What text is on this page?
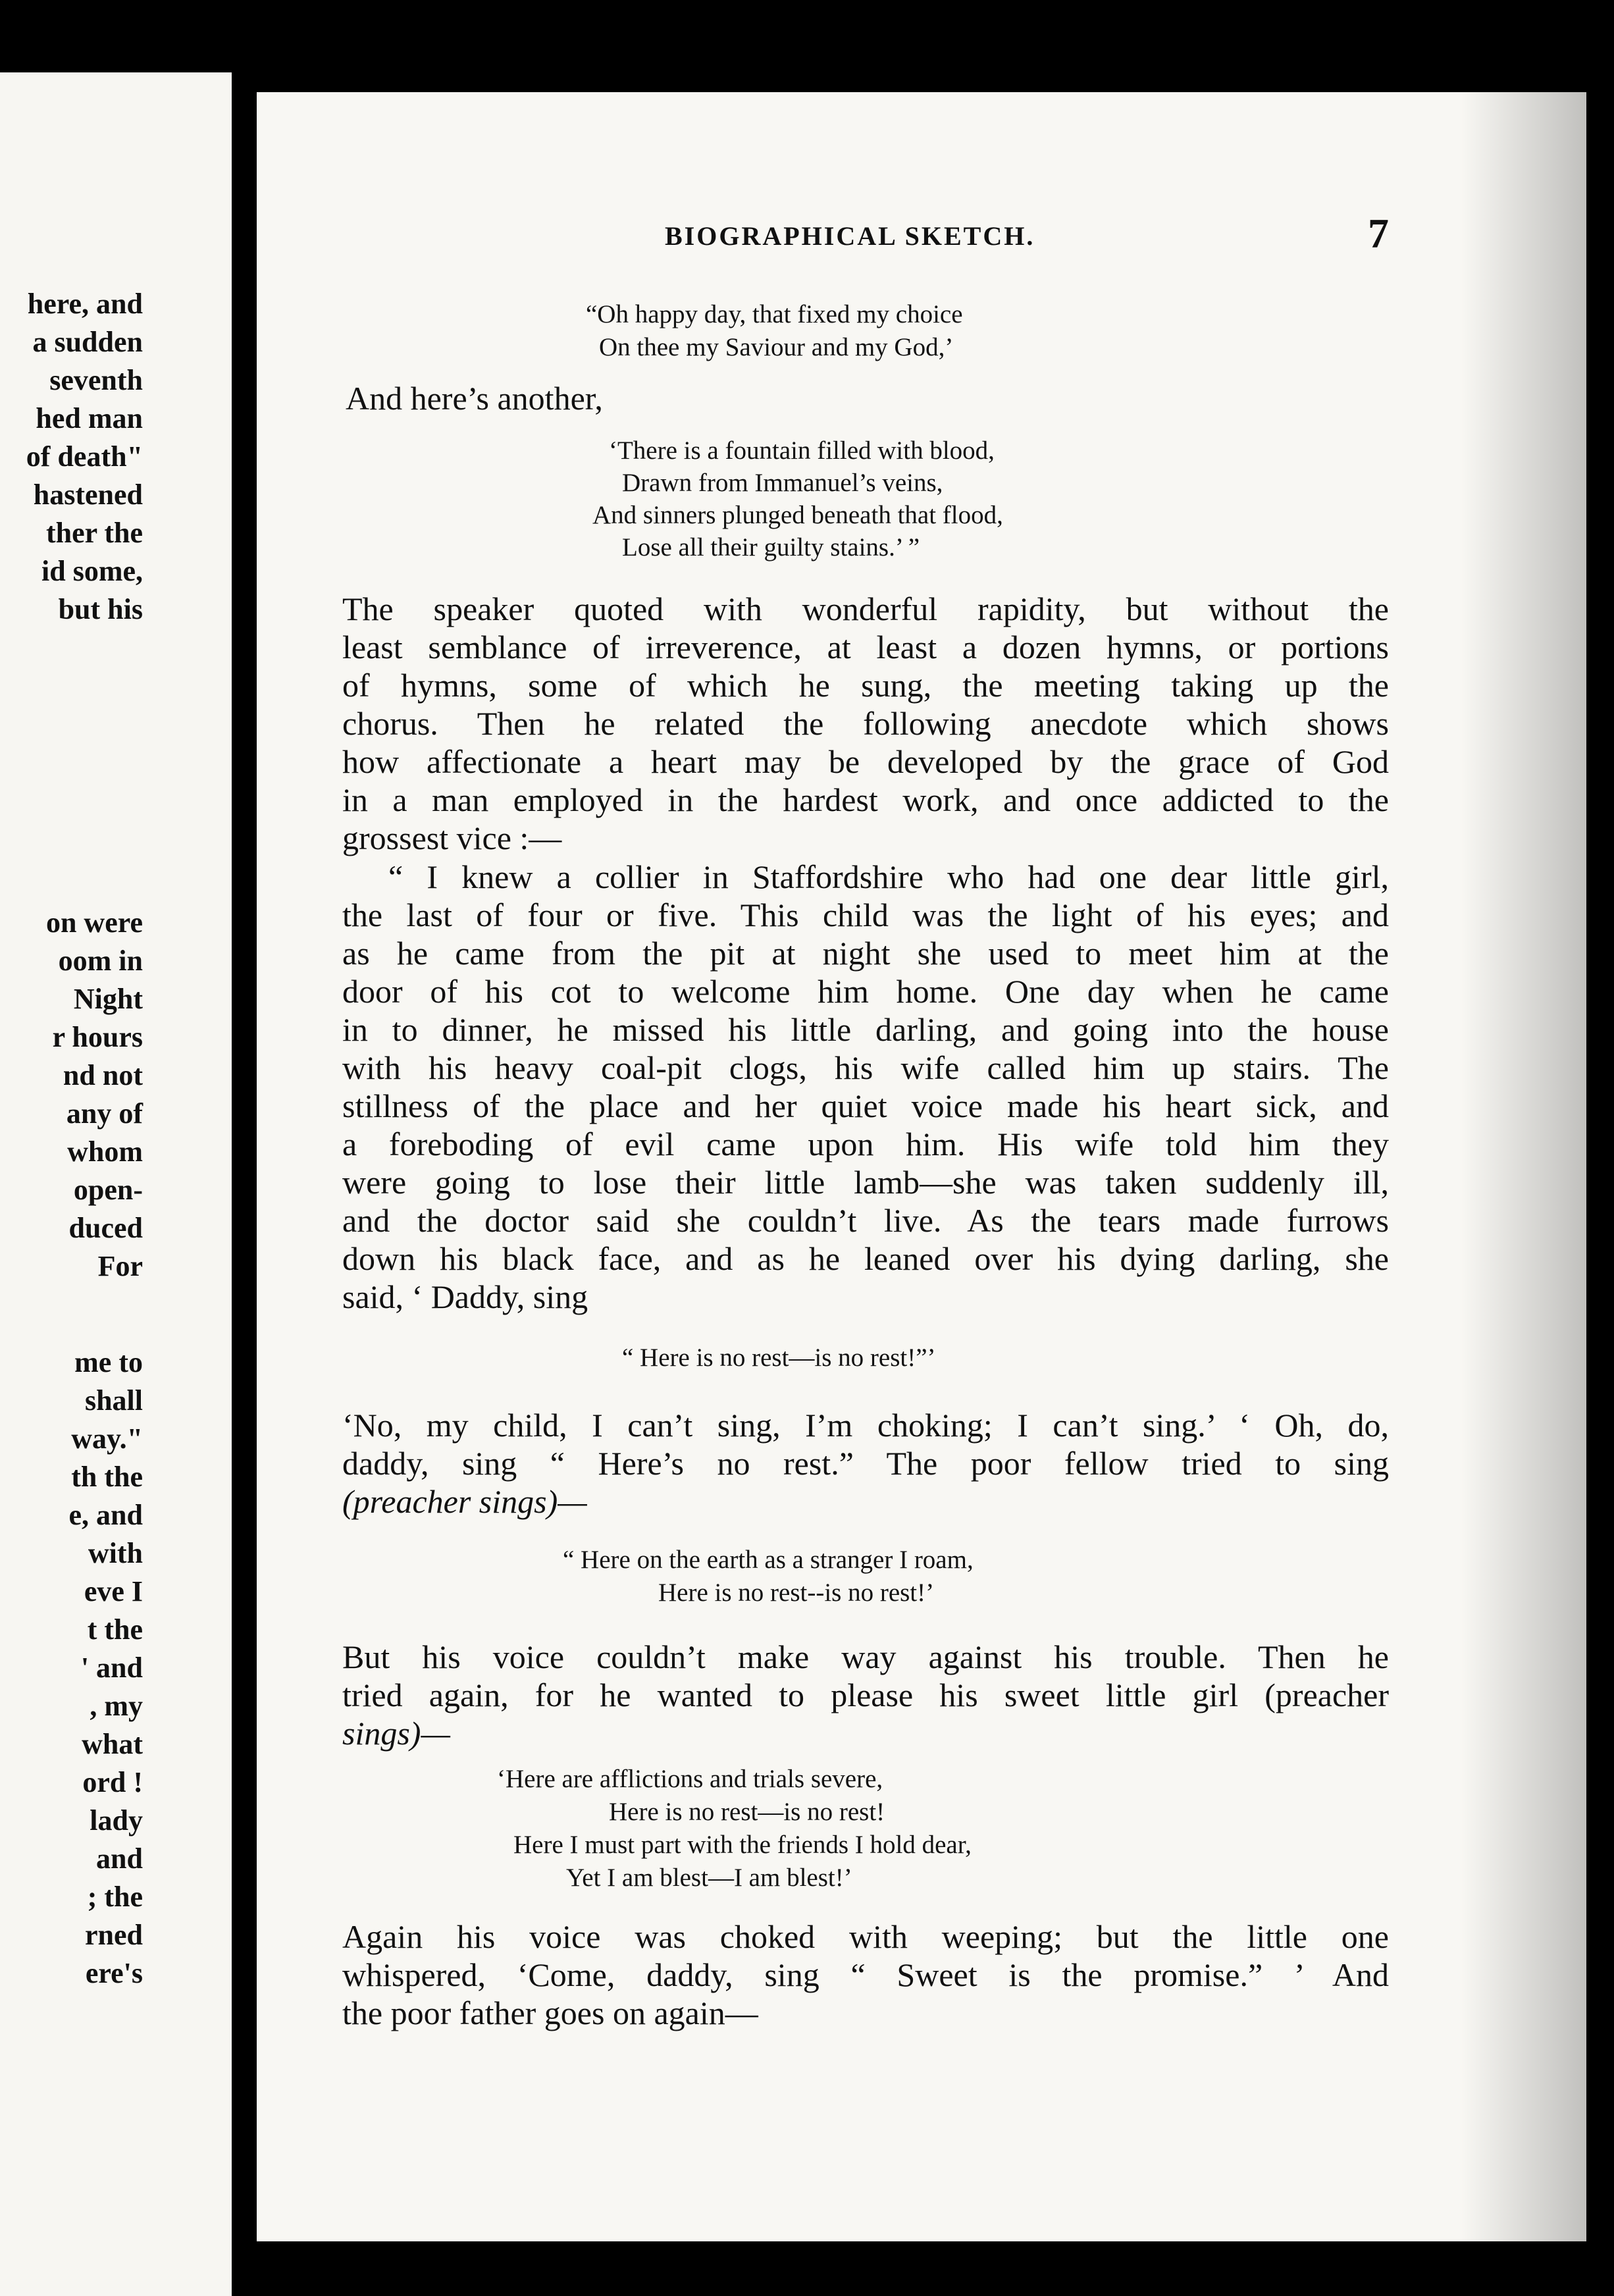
here, and
a sudden
seventh
hed man
of death"
hastened
ther the
id some,
but his
on were
oom in
Night
r hours
nd not
any of
whom
open-
duced
For
me to
shall
way."
th the
e, and
with
eve I
t the
' and
, my
what
ord !
lady
and
; the
rned
ere's
BIOGRAPHICAL SKETCH.	7
“Oh happy day, that fixed my choice
On thee my Saviour and my God,’
And here’s another,
‘There is a fountain filled with blood,
Drawn from Immanuel’s veins,
And sinners plunged beneath that flood,
Lose all their guilty stains.’ ”
The speaker quoted with wonderful rapidity, but without the
least semblance of irreverence, at least a dozen hymns, or portions
of hymns, some of which he sung, the meeting taking up the
chorus. Then he related the following anecdote which shows
how affectionate a heart may be developed by the grace of God
in a man employed in the hardest work, and once addicted to the
grossest vice :—
“ I knew a collier in Staffordshire who had one dear little girl,
the last of four or five. This child was the light of his eyes; and
as he came from the pit at night she used to meet him at the
door of his cot to welcome him home. One day when he came
in to dinner, he missed his little darling, and going into the house
with his heavy coal-pit clogs, his wife called him up stairs. The
stillness of the place and her quiet voice made his heart sick, and
a foreboding of evil came upon him. His wife told him they
were going to lose their little lamb—she was taken suddenly ill,
and the doctor said she couldn’t live. As the tears made furrows
down his black face, and as he leaned over his dying darling, she
said, ‘ Daddy, sing
“ Here is no rest—is no rest!”’
‘No, my child, I can’t sing, I’m choking; I can’t sing.’ ‘ Oh, do,
daddy, sing “ Here’s no rest.” The poor fellow tried to sing
(preacher sings)—
“ Here on the earth as a stranger I roam,
Here is no rest--is no rest!’
But his voice couldn’t make way against his trouble. Then he
tried again, for he wanted to please his sweet little girl (preacher
sings)—
‘Here are afflictions and trials severe,
Here is no rest—is no rest!
Here I must part with the friends I hold dear,
Yet I am blest—I am blest!’
Again his voice was choked with weeping; but the little one
whispered, ‘Come, daddy, sing “ Sweet is the promise.” ’ And
the poor father goes on again—
